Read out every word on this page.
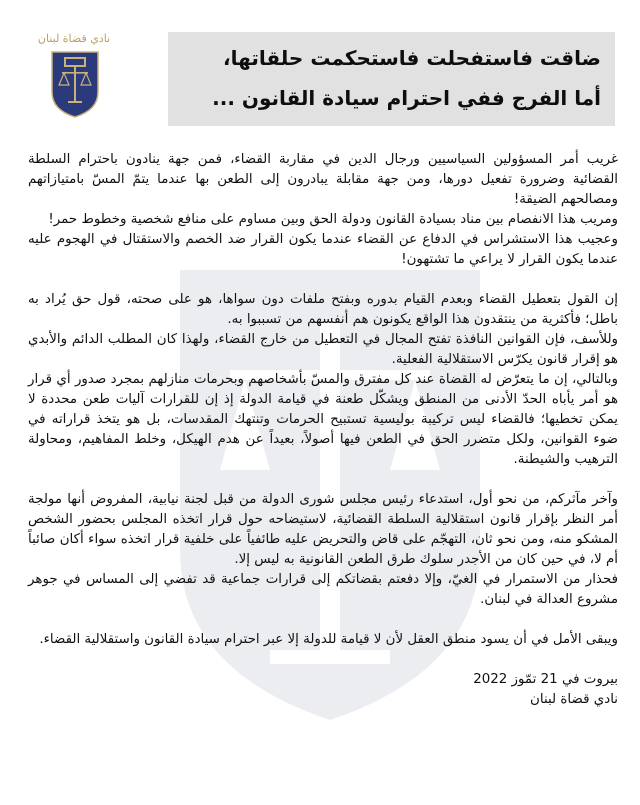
نادي قضاة لبنان
ضاقت فاستفحلت فاستحكمت حلقاتها،
أما الفرج ففي احترام سيادة القانون ...
غريب أمر المسؤولين السياسيين ورجال الدين في مقاربة القضاء، فمن جهة ينادون باحترام السلطة القضائية وضرورة تفعيل دورها، ومن جهة مقابلة يبادرون إلى الطعن بها عندما يتمّ المسّ بامتيازاتهم ومصالحهم الضيقة!
ومريب هذا الانفصام بين مناد بسيادة القانون ودولة الحق وبين مساوم على منافع شخصية وخطوط حمر!
وعجيب هذا الاستشراس في الدفاع عن القضاء عندما يكون القرار ضد الخصم والاستقتال في الهجوم عليه عندما يكون القرار لا يراعي ما تشتهون!
إن القول بتعطيل القضاء وبعدم القيام بدوره وبفتح ملفات دون سواها، هو على صحته، قول حق يُراد به باطل؛ فأكثرية من ينتقدون هذا الواقع يكونون هم أنفسهم من تسببوا به.
وللأسف، فإن القوانين النافذة تفتح المجال في التعطيل من خارج القضاء، ولهذا كان المطلب الدائم والأبدي هو إقرار قانون يكرّس الاستقلالية الفعلية.
وبالتالي، إن ما يتعرّض له القضاة عند كل مفترق والمسّ بأشخاصهم وبحرمات منازلهم بمجرد صدور أي قرار هو أمر يأباه الحدّ الأدنى من المنطق ويشكّل طعنة في قيامة الدولة إذ إن للقرارات آليات طعن محددة لا يمكن تخطيها؛ فالقضاء ليس تركيبة بوليسية تستبيح الحرمات وتنتهك المقدسات، بل هو يتخذ قراراته في ضوء القوانين، ولكل متضرر الحق في الطعن فيها أصولاً، بعيداً عن هدم الهيكل، وخلط المفاهيم، ومحاولة الترهيب والشيطنة.
وآخر مآثركم، من نحو أول، استدعاء رئيس مجلس شورى الدولة من قبل لجنة نيابية، المفروض أنها مولجة أمر النظر بإقرار قانون استقلالية السلطة القضائية، لاستيضاحه حول قرار اتخذه المجلس بحضور الشخص المشكو منه، ومن نحو ثان، التهجّم على قاض والتحريض عليه طائفياً على خلفية قرار اتخذه سواء أكان صائباً أم لا، في حين كان من الأجدر سلوك طرق الطعن القانونية به ليس إلا.
فحذار من الاستمرار في الغيّ، وإلا دفعتم بقضاتكم إلى قرارات جماعية قد تفضي إلى المساس في جوهر مشروع العدالة في لبنان.
ويبقى الأمل في أن يسود منطق العقل لأن لا قيامة للدولة إلا عبر احترام سيادة القانون واستقلالية القضاء.
بيروت في 21 تمّوز 2022
نادي قضاة لبنان
